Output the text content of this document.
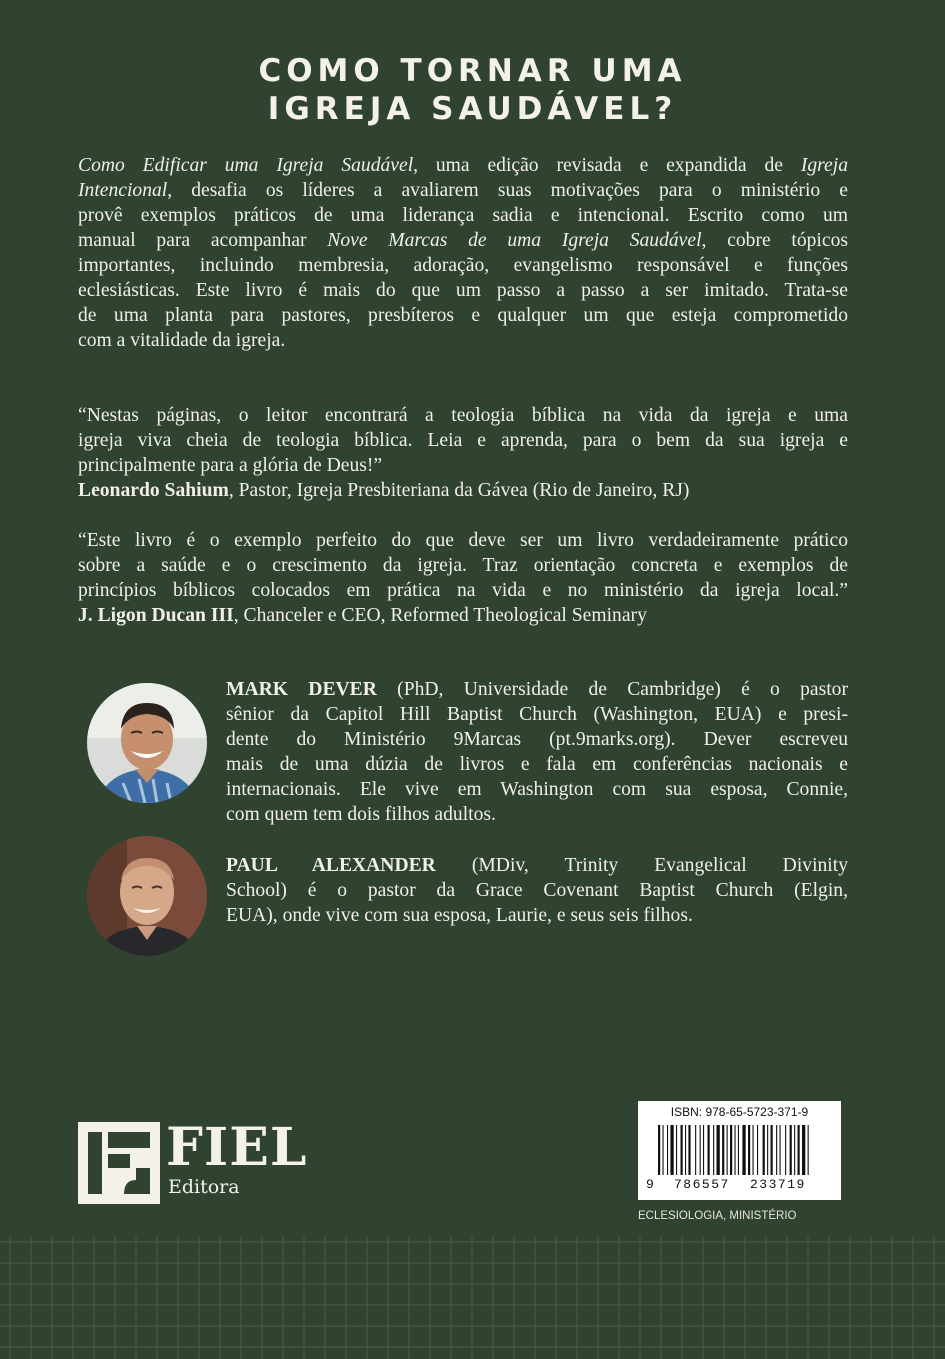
COMO TORNAR UMA
IGREJA SAUDÁVEL?
Como Edificar uma Igreja Saudável, uma edição revisada e expandida de Igreja
Intencional, desafia os líderes a avaliarem suas motivações para o ministério e
provê exemplos práticos de uma liderança sadia e intencional. Escrito como um
manual para acompanhar Nove Marcas de uma Igreja Saudável, cobre tópicos
importantes, incluindo membresia, adoração, evangelismo responsável e funções
eclesiásticas. Este livro é mais do que um passo a passo a ser imitado. Trata-se
de uma planta para pastores, presbíteros e qualquer um que esteja comprometido
com a vitalidade da igreja.
“Nestas páginas, o leitor encontrará a teologia bíblica na vida da igreja e uma
igreja viva cheia de teologia bíblica. Leia e aprenda, para o bem da sua igreja e
principalmente para a glória de Deus!”
Leonardo Sahium, Pastor, Igreja Presbiteriana da Gávea (Rio de Janeiro, RJ)
“Este livro é o exemplo perfeito do que deve ser um livro verdadeiramente prático
sobre a saúde e o crescimento da igreja. Traz orientação concreta e exemplos de
princípios bíblicos colocados em prática na vida e no ministério da igreja local.”
J. Ligon Ducan III, Chanceler e CEO, Reformed Theological Seminary
MARK DEVER (PhD, Universidade de Cambridge) é o pastor
sênior da Capitol Hill Baptist Church (Washington, EUA) e presi-
dente do Ministério 9Marcas (pt.9marks.org). Dever escreveu
mais de uma dúzia de livros e fala em conferências nacionais e
internacionais. Ele vive em Washington com sua esposa, Connie,
com quem tem dois filhos adultos.
PAUL ALEXANDER (MDiv, Trinity Evangelical Divinity
School) é o pastor da Grace Covenant Baptist Church (Elgin,
EUA), onde vive com sua esposa, Laurie, e seus seis filhos.
FIEL
Editora
ISBN: 978-65-5723-371-9
9 786557 233719
ECLESIOLOGIA, MINISTÉRIO
